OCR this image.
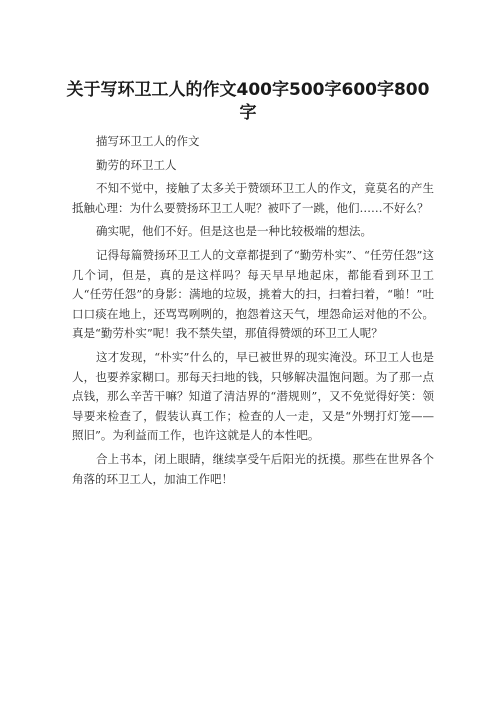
关于写环卫工人的作文400字500字600字800字

描写环卫工人的作文

勤劳的环卫工人

不知不觉中，接触了太多关于赞颂环卫工人的作文，竟莫名的产生抵触心理：为什么要赞扬环卫工人呢？被吓了一跳，他们……不好么？

确实呢，他们不好。但是这也是一种比较极端的想法。

记得每篇赞扬环卫工人的文章都提到了“勤劳朴实”、“任劳任怨”这几个词，但是，真的是这样吗？每天早早地起床，都能看到环卫工人“任劳任怨”的身影：满地的垃圾，挑着大的扫，扫着扫着，“啪！”吐口口痰在地上，还骂骂咧咧的，抱怨着这天气，埋怨命运对他的不公。真是“勤劳朴实”呢！我不禁失望，那值得赞颂的环卫工人呢？

这才发现，“朴实”什么的，早已被世界的现实淹没。环卫工人也是人，也要养家糊口。那每天扫地的钱，只够解决温饱问题。为了那一点点钱，那么辛苦干嘛？知道了清洁界的“潜规则”，又不免觉得好笑：领导要来检查了，假装认真工作；检查的人一走，又是“外甥打灯笼——照旧”。为利益而工作，也许这就是人的本性吧。

合上书本，闭上眼睛，继续享受午后阳光的抚摸。那些在世界各个角落的环卫工人，加油工作吧！
